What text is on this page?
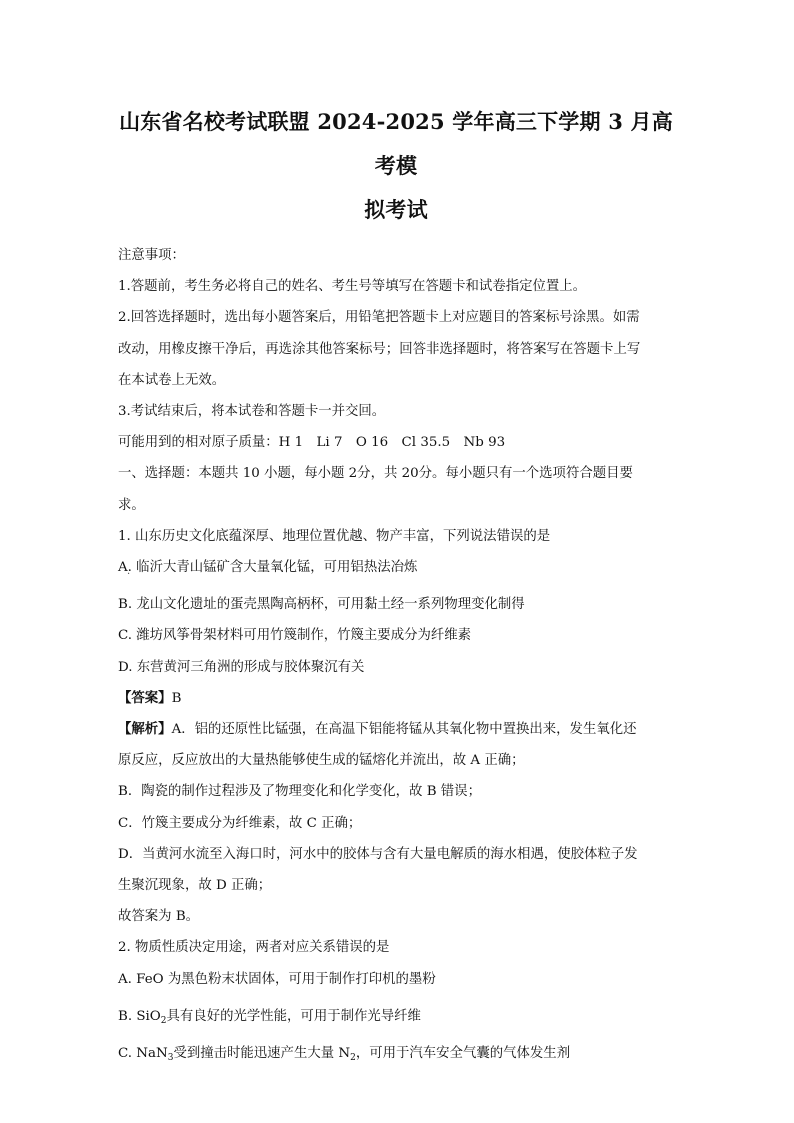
山东省名校考试联盟 2024-2025 学年高三下学期 3 月高考模
拟考试

注意事项：

1.答题前，考生务必将自己的姓名、考生号等填写在答题卡和试卷指定位置上。

2.回答选择题时，选出每小题答案后，用铅笔把答题卡上对应题目的答案标号涂黑。如需

改动，用橡皮擦干净后，再选涂其他答案标号；回答非选择题时，将答案写在答题卡上写

在本试卷上无效。

3.考试结束后，将本试卷和答题卡一并交回。

可能用到的相对原子质量：H 1　Li 7　O 16　Cl 35.5　Nb 93

一、选择题：本题共 10 小题，每小题 2分，共 20分。每小题只有一个选项符合题目要

求。

1. 山东历史文化底蕴深厚、地理位置优越、物产丰富，下列说法错误的是

A. 临沂大青山锰矿含大量氧化锰，可用铝热法冶炼

·

B. 龙山文化遗址的蛋壳黑陶高柄杯，可用黏土经一系列物理变化制得

C. 潍坊风筝骨架材料可用竹篾制作，竹篾主要成分为纤维素

D. 东营黄河三角洲的形成与胶体聚沉有关

【答案】B

【解析】A．铝的还原性比锰强，在高温下铝能将锰从其氧化物中置换出来，发生氧化还

原反应，反应放出的大量热能够使生成的锰熔化并流出，故 A 正确；

B．陶瓷的制作过程涉及了物理变化和化学变化，故 B 错误；

C．竹篾主要成分为纤维素，故 C 正确；

D．当黄河水流至入海口时，河水中的胶体与含有大量电解质的海水相遇，使胶体粒子发

生聚沉现象，故 D 正确；

故答案为 B。

2. 物质性质决定用途，两者对应关系错误的是

A. FeO 为黑色粉末状固体，可用于制作打印机的墨粉

B. SiO$_2$具有良好的光学性能，可用于制作光导纤维

C. NaN$_3$受到撞击时能迅速产生大量 $N_2$，可用于汽车安全气囊的气体发生剂
